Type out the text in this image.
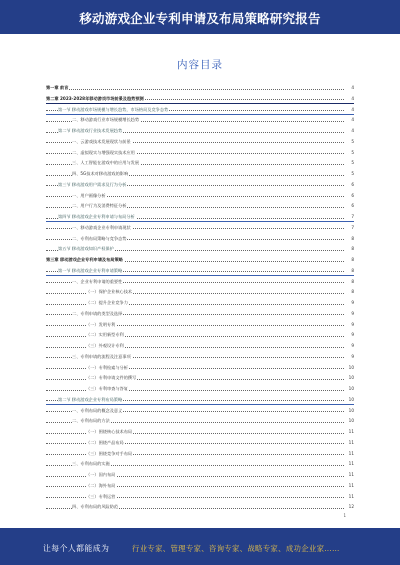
移动游戏企业专利申请及布局策略研究报告
内容目录
第一章 前言	4
第二章 2023-2028年移动游戏市场前景及趋势预测	4
第一节 移动游戏市场规模与增长趋势，市场格局及竞争态势	4
二、移动游戏行业市场规模增长趋势	4
第二节 移动游戏行业技术发展趋势	4
一、云游戏技术发展现状与前景	5
二、虚拟现实与增强现实技术应用	5
三、人工智能在游戏中的应用与发展	5
四、5G技术对移动游戏的影响	5
第三节 移动游戏用户需求及行为分析	6
一、用户画像分析	6
二、用户行为及消费特征分析	6
第四节 移动游戏企业专利申请与布局分析	7
一、移动游戏企业专利申请现状	7
二、专利布局策略与竞争态势	8
第五节 移动游戏知识产权保护	8
第三章 移动游戏企业专利申请及布局策略	8
第一节 移动游戏企业专利申请策略	8
一、企业专利申请的重要性	8
（一）保护企业核心技术	8
（二）提升企业竞争力	9
二、专利申请的类型及选择	9
（一）发明专利	9
（二）实用新型专利	9
（三）外观设计专利	9
三、专利申请的流程及注意事项	9
（一）专利检索与分析	10
（二）专利申请文件的撰写	10
（三）专利审查与答复	10
第二节 移动游戏企业专利布局策略	10
一、专利布局的概念及意义	10
二、专利布局的方法	10
（一）围绕核心技术布局	11
（二）围绕产品布局	11
（三）围绕竞争对手布局	11
三、专利布局的实施	11
（一）国内布局	11
（二）海外布局	11
（三）专利运营	11
四、专利布局的风险防范	12
1
让每个人都能成为	行业专家、管理专家、咨询专家、战略专家、成功企业家……
